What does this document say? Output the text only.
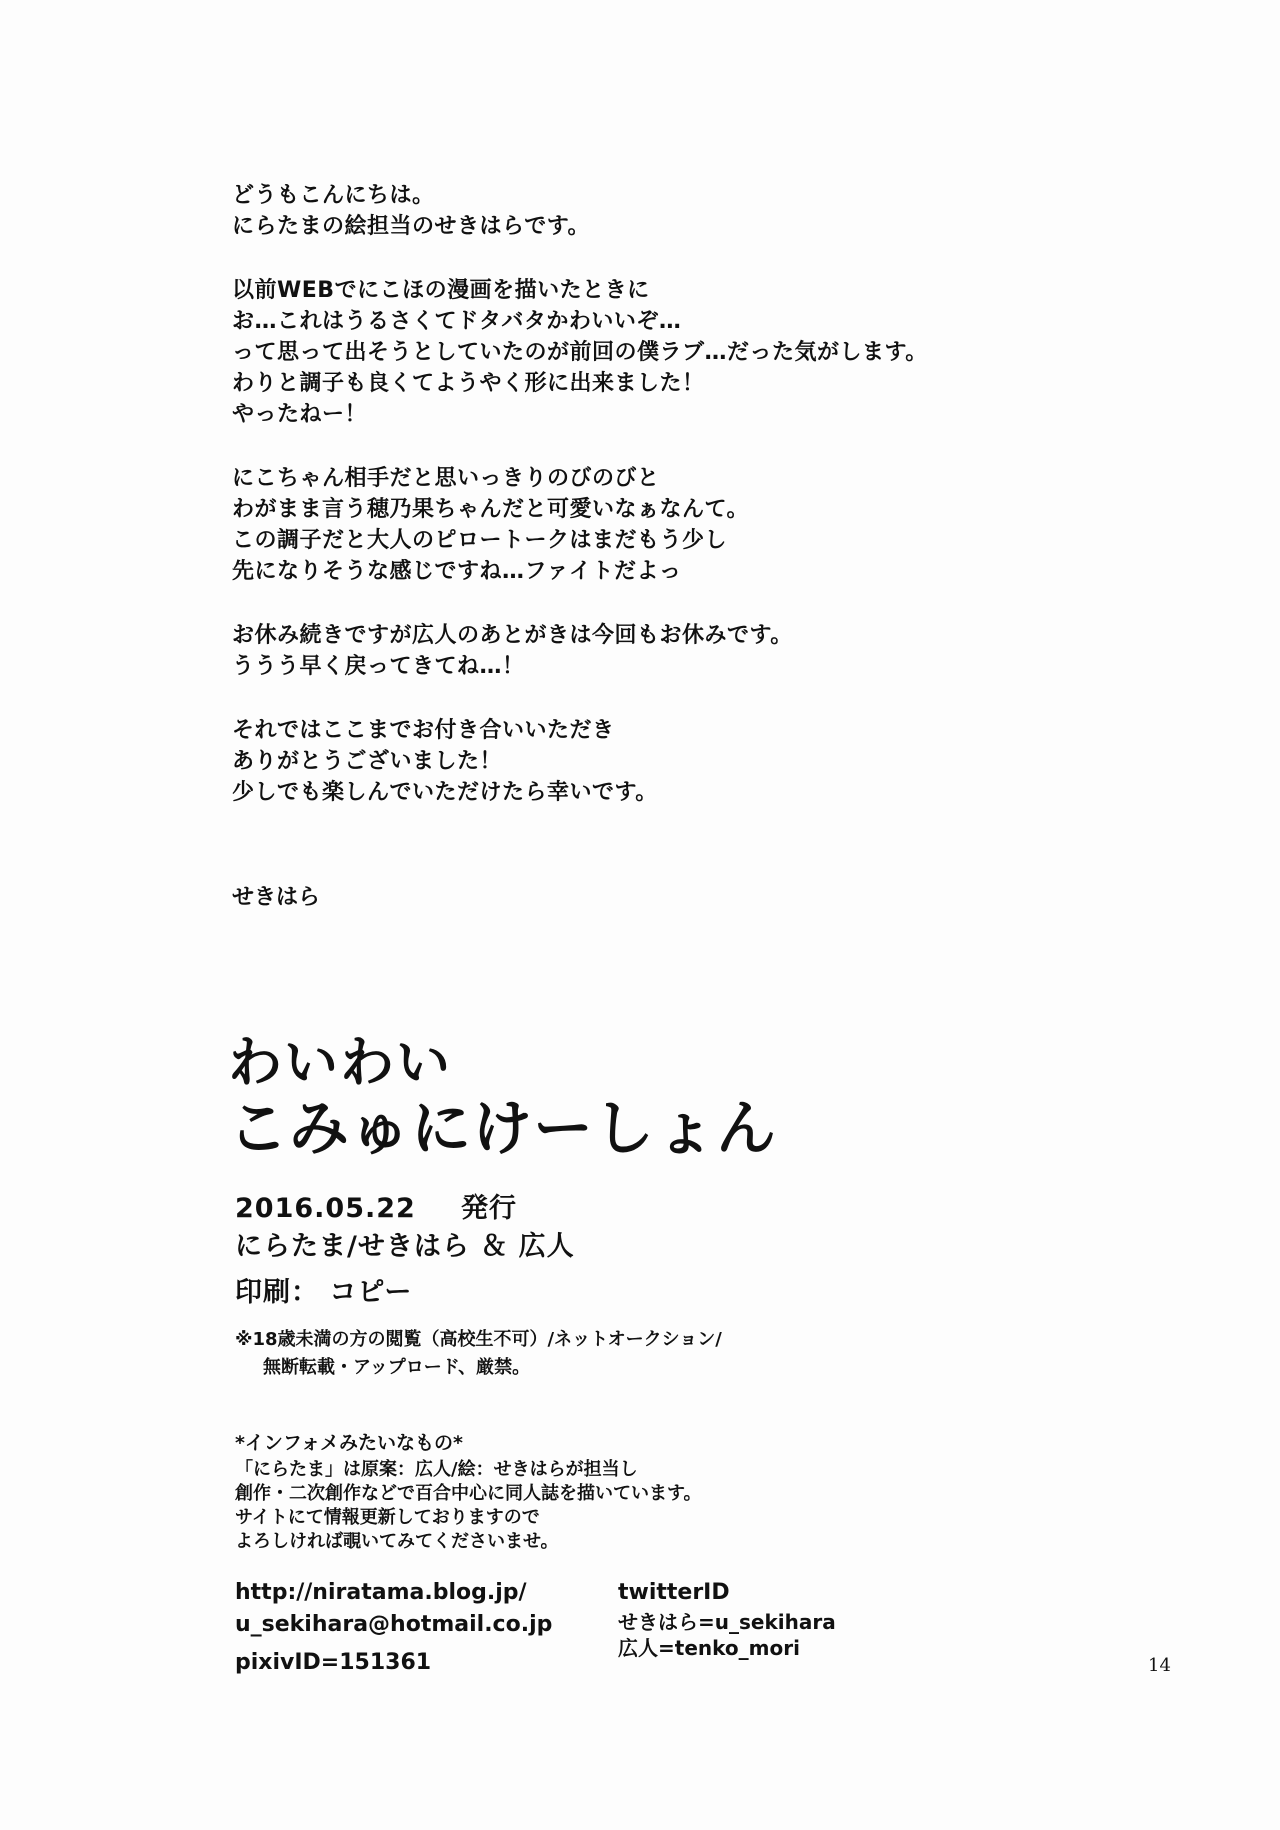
どうもこんにちは。
にらたまの絵担当のせきはらです。
以前WEBでにこほの漫画を描いたときに
お…これはうるさくてドタバタかわいいぞ…
って思って出そうとしていたのが前回の僕ラブ…だった気がします。
わりと調子も良くてようやく形に出来ました！
やったねー！
にこちゃん相手だと思いっきりのびのびと
わがまま言う穂乃果ちゃんだと可愛いなぁなんて。
この調子だと大人のピロートークはまだもう少し
先になりそうな感じですね…ファイトだよっ
お休み続きですが広人のあとがきは今回もお休みです。
ううう早く戻ってきてね…！
それではここまでお付き合いいただき
ありがとうございました！
少しでも楽しんでいただけたら幸いです。
せきはら
わいわい
こみゅにけーしょん
2016.05.22 発行
にらたま/せきはら ＆ 広人
印刷： コピー
※18歳未満の方の閲覧（高校生不可）/ネットオークション/
無断転載・アップロード、厳禁。
*インフォメみたいなもの*
「にらたま」は原案：広人/絵：せきはらが担当し
創作・二次創作などで百合中心に同人誌を描いています。
サイトにて情報更新しておりますので
よろしければ覗いてみてくださいませ。
http://niratama.blog.jp/
u_sekihara@hotmail.co.jp
pixivID=151361
twitterID
せきはら=u_sekihara
広人=tenko_mori
14
